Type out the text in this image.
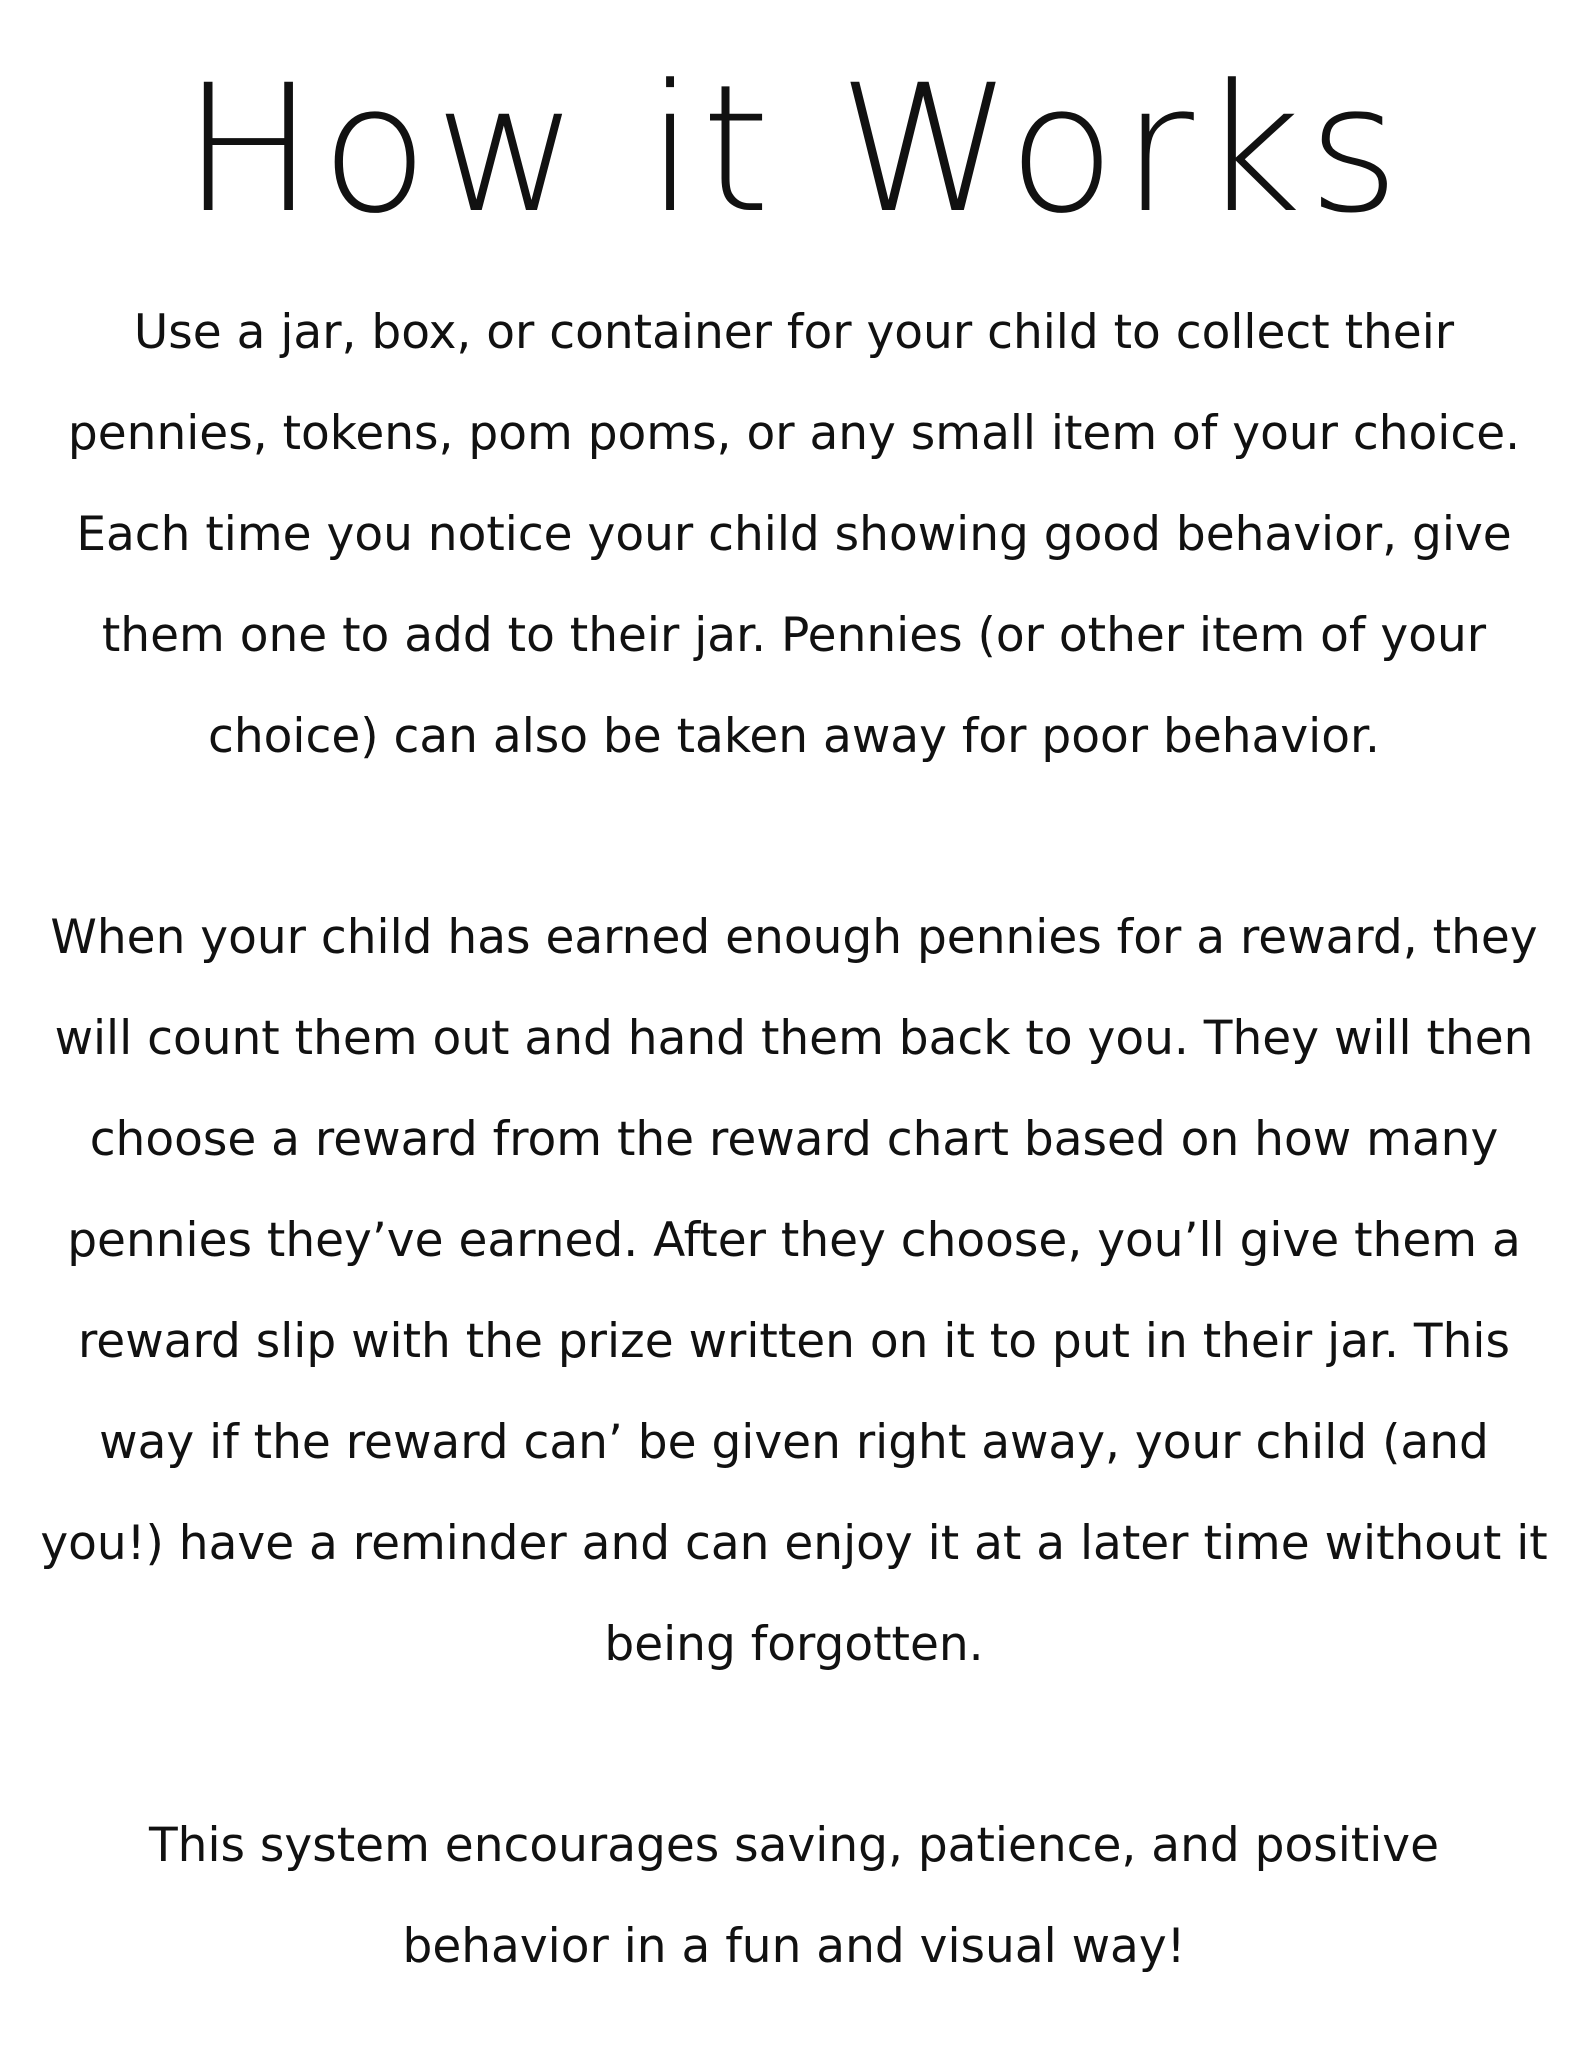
How it Works

Use a jar, box, or container for your child to collect their pennies, tokens, pom poms, or any small item of your choice. Each time you notice your child showing good behavior, give them one to add to their jar. Pennies (or other item of your choice) can also be taken away for poor behavior.

When your child has earned enough pennies for a reward, they will count them out and hand them back to you. They will then choose a reward from the reward chart based on how many pennies they’ve earned. After they choose, you’ll give them a reward slip with the prize written on it to put in their jar. This way if the reward can’ be given right away, your child (and you!) have a reminder and can enjoy it at a later time without it being forgotten.

This system encourages saving, patience, and positive behavior in a fun and visual way!
